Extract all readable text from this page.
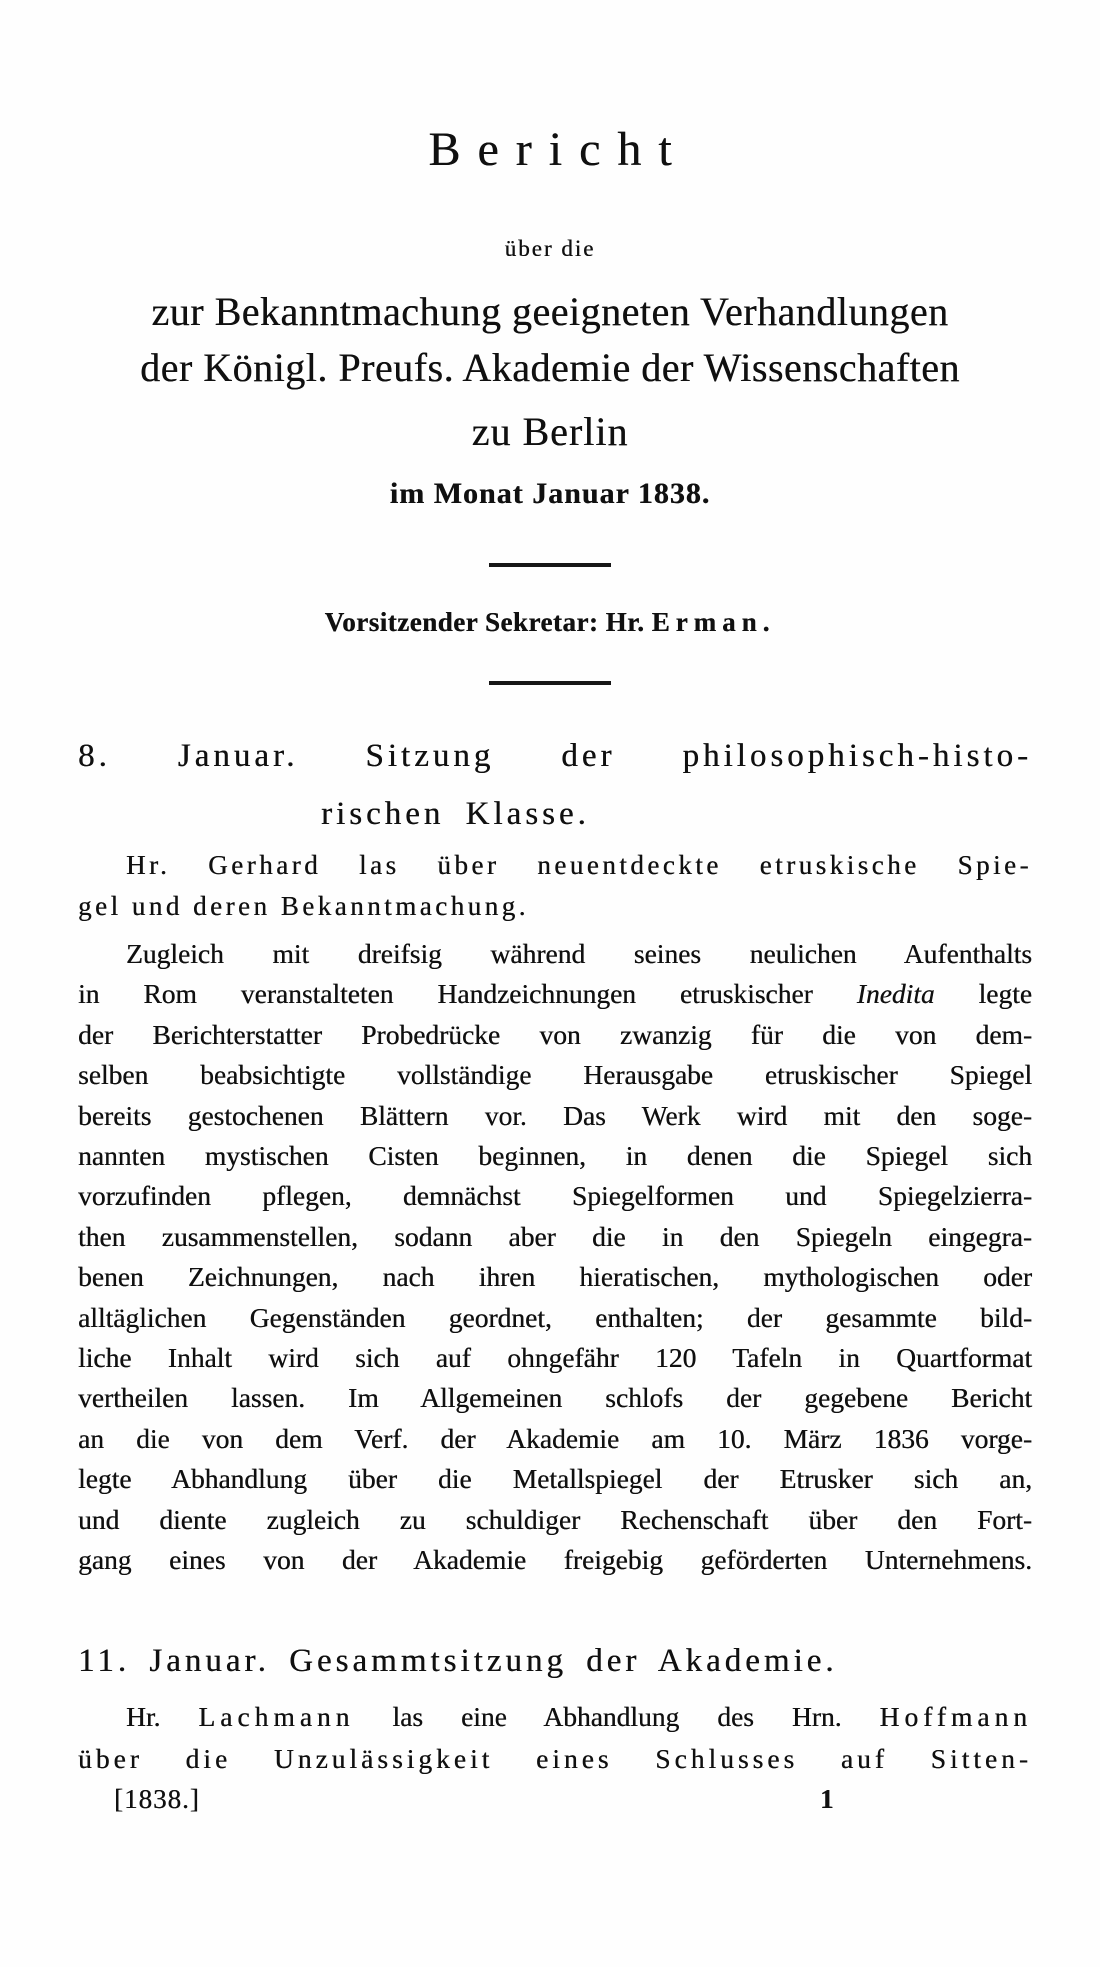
Bericht
über die
zur Bekanntmachung geeigneten Verhandlungen
der Königl. Preufs. Akademie der Wissenschaften
zu Berlin
im Monat Januar 1838.
Vorsitzender Sekretar: Hr. Erman.
8. Januar. Sitzung der philosophisch-histo-
rischen Klasse.
Hr. Gerhard las über neuentdeckte etruskische Spie-
gel und deren Bekanntmachung.
Zugleich mit dreifsig während seines neulichen Aufenthalts
in Rom veranstalteten Handzeichnungen etruskischer Inedita legte
der Berichterstatter Probedrücke von zwanzig für die von dem-
selben beabsichtigte vollständige Herausgabe etruskischer Spiegel
bereits gestochenen Blättern vor. Das Werk wird mit den soge-
nannten mystischen Cisten beginnen, in denen die Spiegel sich
vorzufinden pflegen, demnächst Spiegelformen und Spiegelzierra-
then zusammenstellen, sodann aber die in den Spiegeln eingegra-
benen Zeichnungen, nach ihren hieratischen, mythologischen oder
alltäglichen Gegenständen geordnet, enthalten; der gesammte bild-
liche Inhalt wird sich auf ohngefähr 120 Tafeln in Quartformat
vertheilen lassen. Im Allgemeinen schlofs der gegebene Bericht
an die von dem Verf. der Akademie am 10. März 1836 vorge-
legte Abhandlung über die Metallspiegel der Etrusker sich an,
und diente zugleich zu schuldiger Rechenschaft über den Fort-
gang eines von der Akademie freigebig geförderten Unternehmens.
11. Januar. Gesammtsitzung der Akademie.
Hr. Lachmann las eine Abhandlung des Hrn. Hoffmann
über die Unzulässigkeit eines Schlusses auf Sitten-
[1838.]	1
